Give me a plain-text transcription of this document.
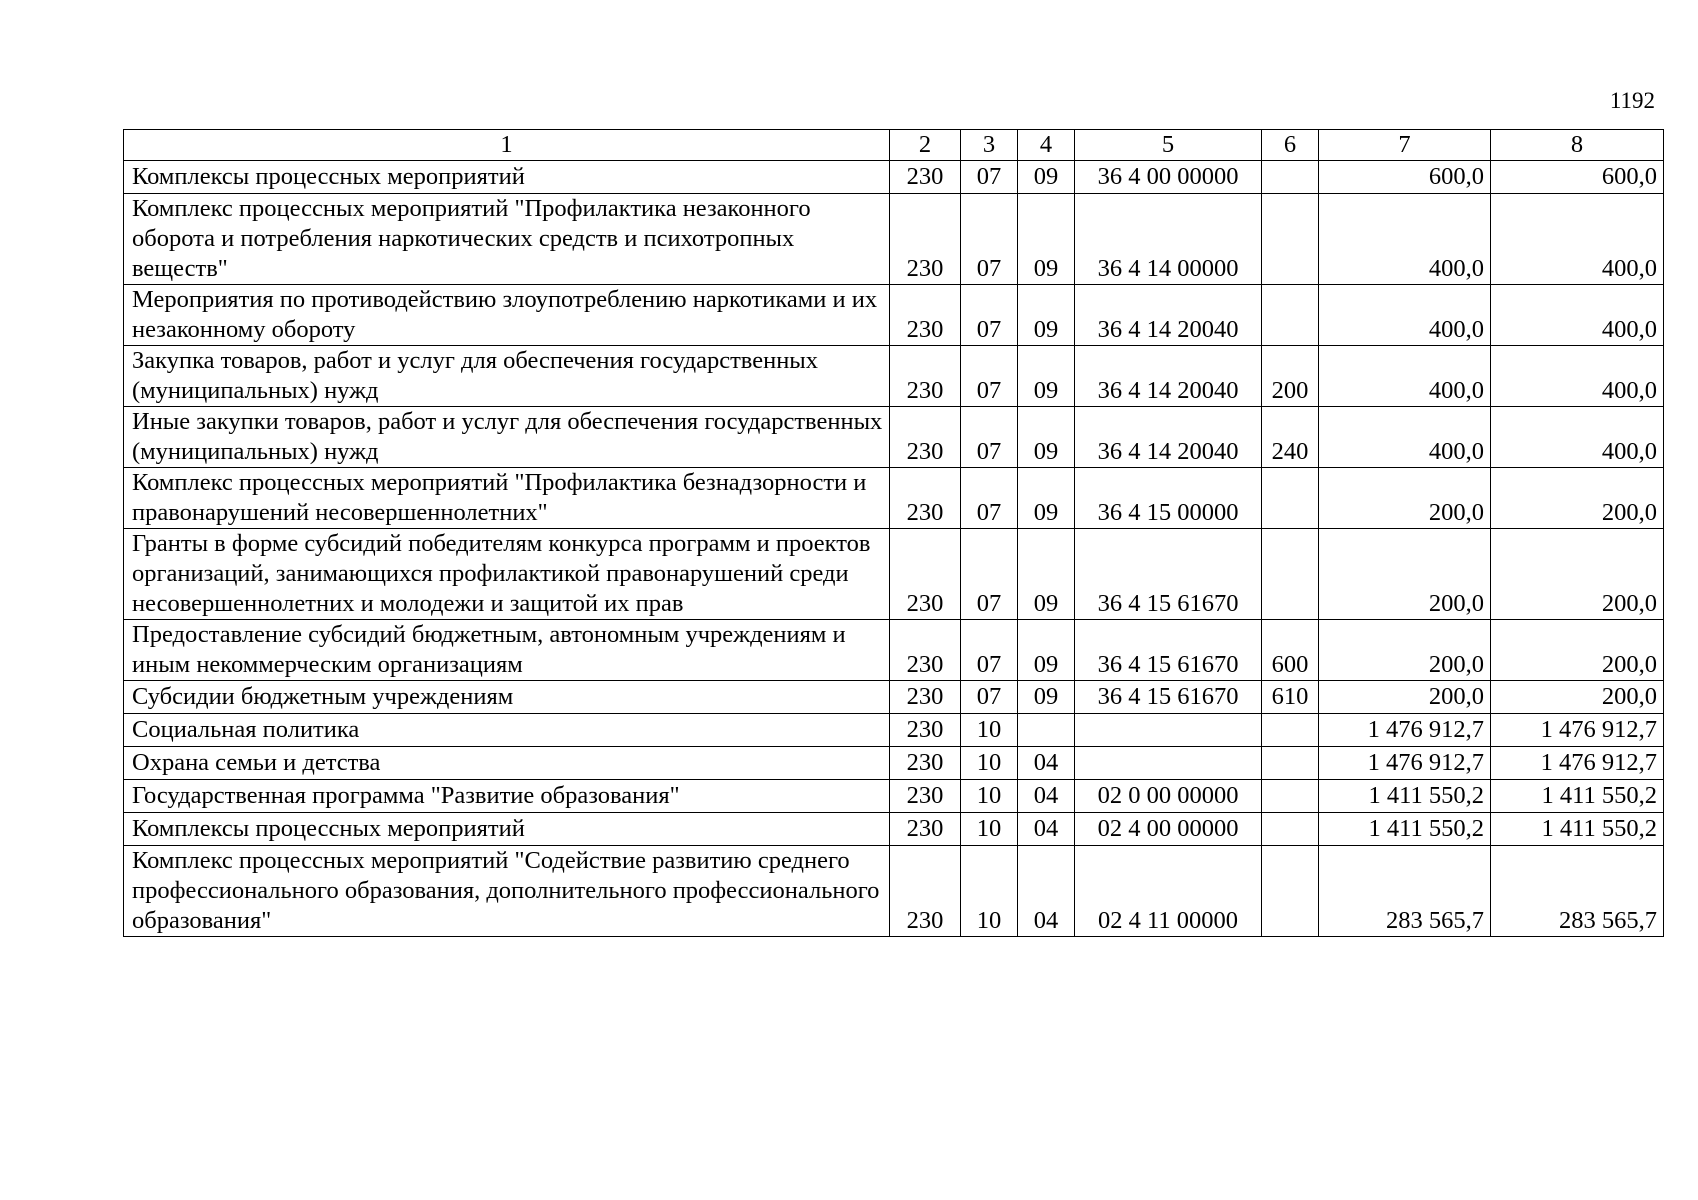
1192
1	2	3	4	5	6	7	8
Комплексы процессных мероприятий	230	07	09	36 4 00 00000		600,0	600,0
Комплекс процессных мероприятий "Профилактика незаконного оборота и потребления наркотических средств и психотропных веществ"	230	07	09	36 4 14 00000		400,0	400,0
Мероприятия по противодействию злоупотреблению наркотиками и их незаконному обороту	230	07	09	36 4 14 20040		400,0	400,0
Закупка товаров, работ и услуг для обеспечения государственных (муниципальных) нужд	230	07	09	36 4 14 20040	200	400,0	400,0
Иные закупки товаров, работ и услуг для обеспечения государственных (муниципальных) нужд	230	07	09	36 4 14 20040	240	400,0	400,0
Комплекс процессных мероприятий "Профилактика безнадзорности и правонарушений несовершеннолетних"	230	07	09	36 4 15 00000		200,0	200,0
Гранты в форме субсидий победителям конкурса программ и проектов организаций, занимающихся профилактикой правонарушений среди несовершеннолетних и молодежи и защитой их прав	230	07	09	36 4 15 61670		200,0	200,0
Предоставление субсидий бюджетным, автономным учреждениям и иным некоммерческим организациям	230	07	09	36 4 15 61670	600	200,0	200,0
Субсидии бюджетным учреждениям	230	07	09	36 4 15 61670	610	200,0	200,0
Социальная политика	230	10				1 476 912,7	1 476 912,7
Охрана семьи и детства	230	10	04			1 476 912,7	1 476 912,7
Государственная программа "Развитие образования"	230	10	04	02 0 00 00000		1 411 550,2	1 411 550,2
Комплексы процессных мероприятий	230	10	04	02 4 00 00000		1 411 550,2	1 411 550,2
Комплекс процессных мероприятий "Содействие развитию среднего профессионального образования, дополнительного профессионального образования"	230	10	04	02 4 11 00000		283 565,7	283 565,7
